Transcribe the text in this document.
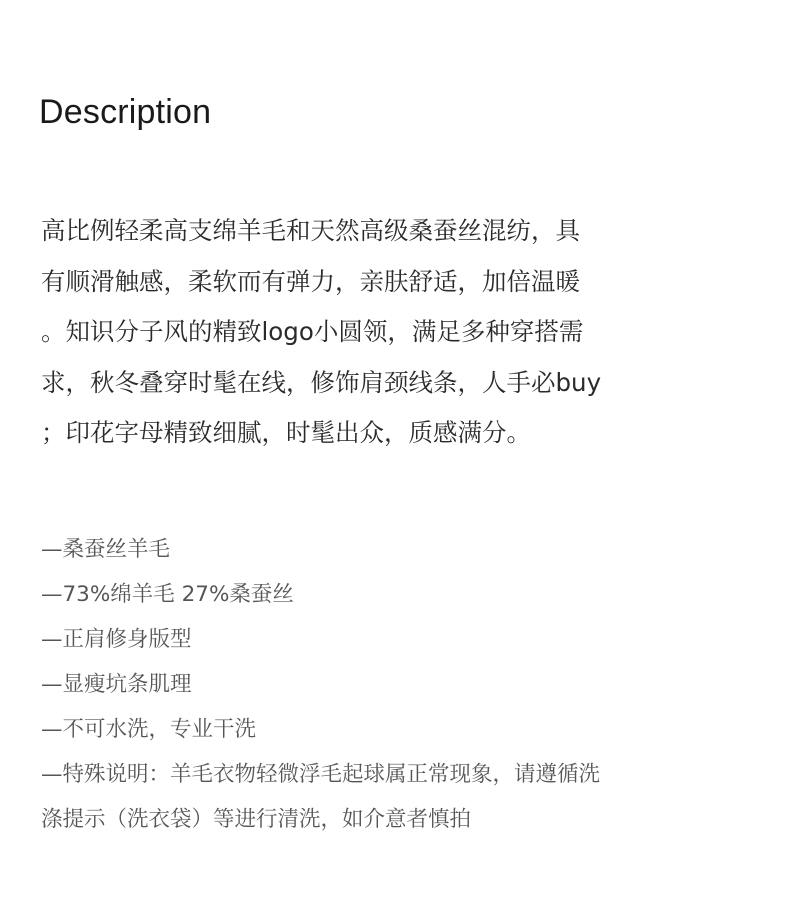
Description
高比例轻柔高支绵羊毛和天然高级桑蚕丝混纺，具
有顺滑触感，柔软而有弹力，亲肤舒适，加倍温暖
。知识分子风的精致logo小圆领，满足多种穿搭需
求，秋冬叠穿时髦在线，修饰肩颈线条，人手必buy
；印花字母精致细腻，时髦出众，质感满分。
—桑蚕丝羊毛
—73%绵羊毛 27%桑蚕丝
—正肩修身版型
—显瘦坑条肌理
—不可水洗，专业干洗
—特殊说明：羊毛衣物轻微浮毛起球属正常现象，请遵循洗
涤提示（洗衣袋）等进行清洗，如介意者慎拍
